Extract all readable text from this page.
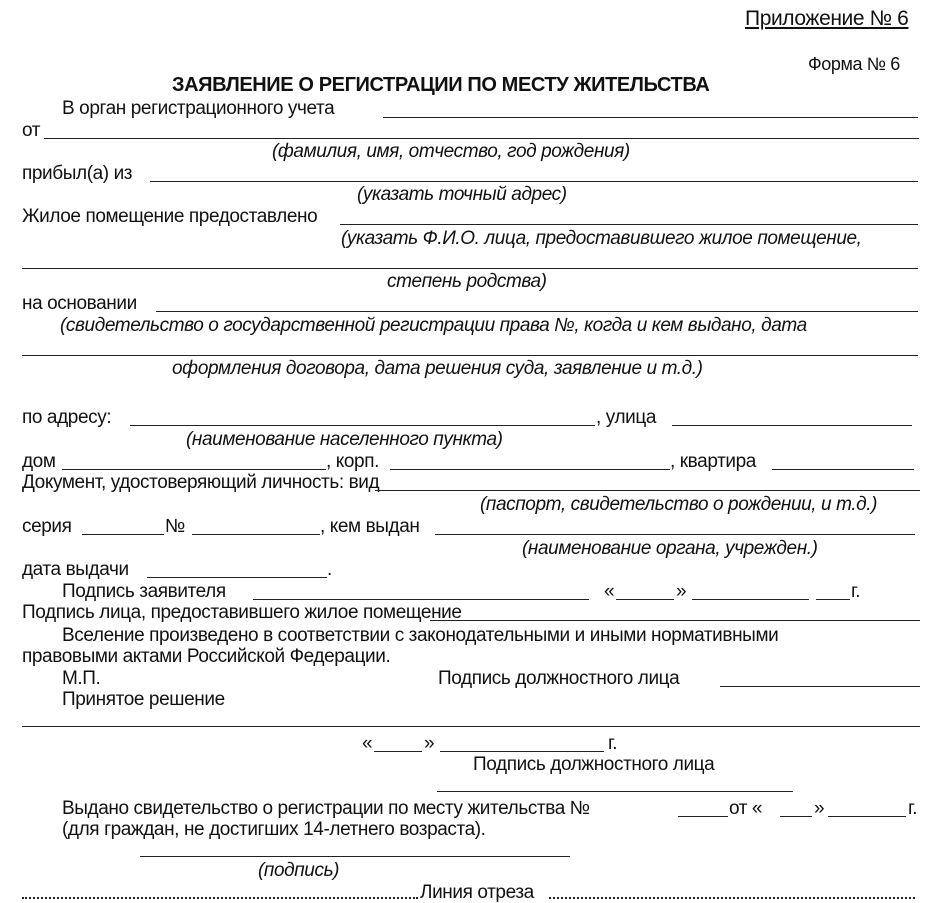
Приложение № 6
Форма № 6
ЗАЯВЛЕНИЕ О РЕГИСТРАЦИИ ПО МЕСТУ ЖИТЕЛЬСТВА
В орган регистрационного учета
от
(фамилия, имя, отчество, год рождения)
прибыл(а) из
(указать точный адрес)
Жилое помещение предоставлено
(указать Ф.И.О. лица, предоставившего жилое помещение,
степень родства)
на основании
(свидетельство о государственной регистрации права №, когда и кем выдано, дата
оформления договора, дата решения суда, заявление и т.д.)
по адресу:	, улица
(наименование населенного пункта)
дом	, корп.	, квартира
Документ, удостоверяющий личность: вид
(паспорт, свидетельство о рождении, и т.д.)
серия	№	, кем выдан
(наименование органа, учрежден.)
дата выдачи	.
Подпись заявителя	«	»	г.
Подпись лица, предоставившего жилое помещение
Вселение произведено в соответствии с законодательными и иными нормативными
правовыми актами Российской Федерации.
М.П.	Подпись должностного лица
Принятое решение
«	»	г.
Подпись должностного лица
Выдано свидетельство о регистрации по месту жительства №	от «	»	г.
(для граждан, не достигших 14-летнего возраста).
(подпись)
Линия отреза
